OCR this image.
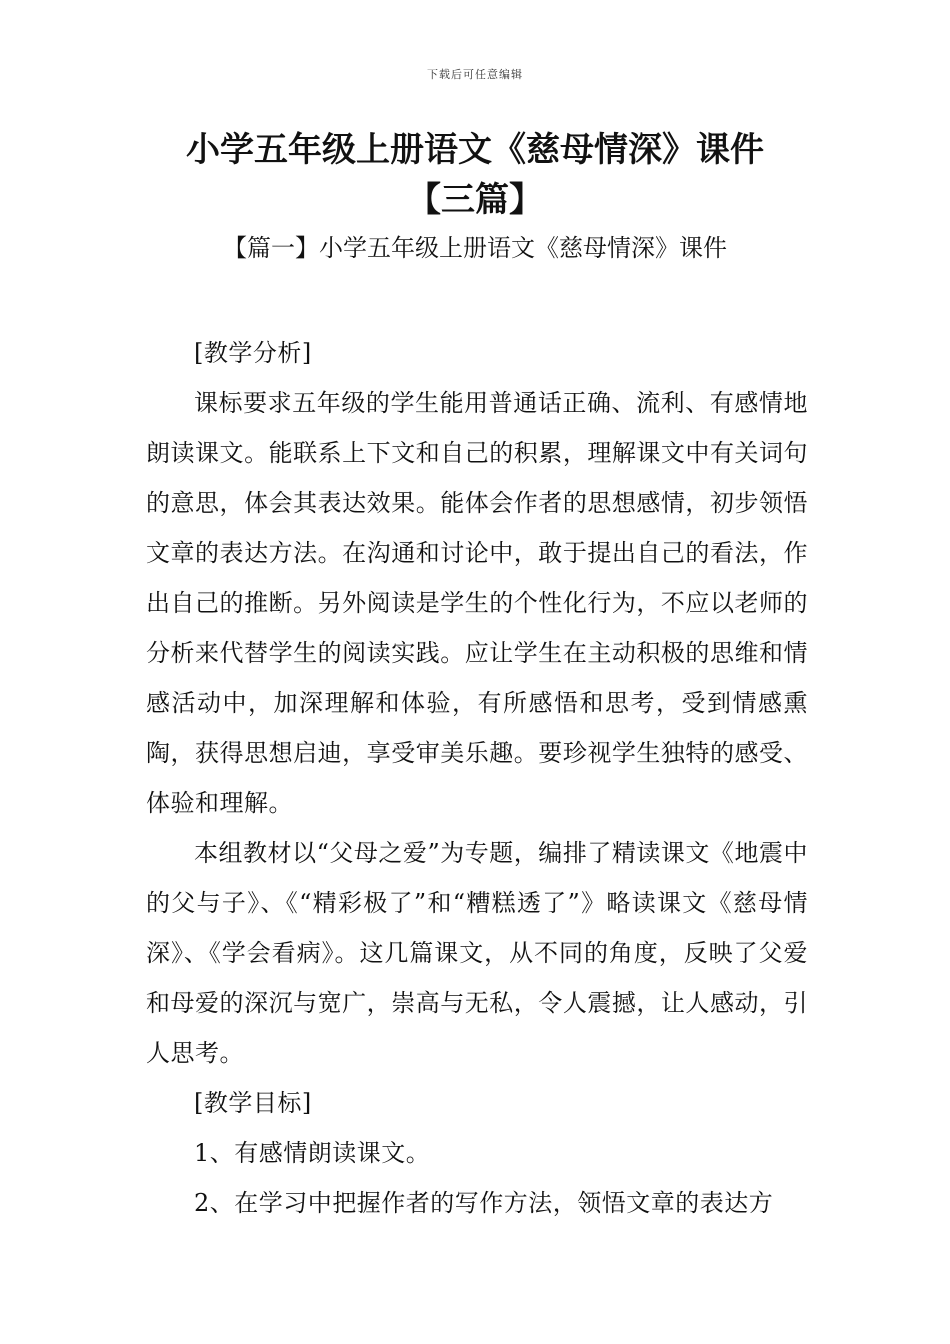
下载后可任意编辑
小学五年级上册语文《慈母情深》课件
【三篇】
【篇一】小学五年级上册语文《慈母情深》课件

[教学分析]

课标要求五年级的学生能用普通话正确、流利、有感情地朗读课文。能联系上下文和自己的积累，理解课文中有关词句的意思，体会其表达效果。能体会作者的思想感情，初步领悟文章的表达方法。在沟通和讨论中，敢于提出自己的看法，作出自己的推断。另外阅读是学生的个性化行为，不应以老师的分析来代替学生的阅读实践。应让学生在主动积极的思维和情感活动中，加深理解和体验，有所感悟和思考，受到情感熏陶，获得思想启迪，享受审美乐趣。要珍视学生独特的感受、体验和理解。

本组教材以“父母之爱”为专题，编排了精读课文《地震中的父与子》、《“精彩极了”和“糟糕透了”》略读课文《慈母情深》、《学会看病》。这几篇课文，从不同的角度，反映了父爱和母爱的深沉与宽广，崇高与无私，令人震撼，让人感动，引人思考。

[教学目标]

1、有感情朗读课文。

2、在学习中把握作者的写作方法，领悟文章的表达方
